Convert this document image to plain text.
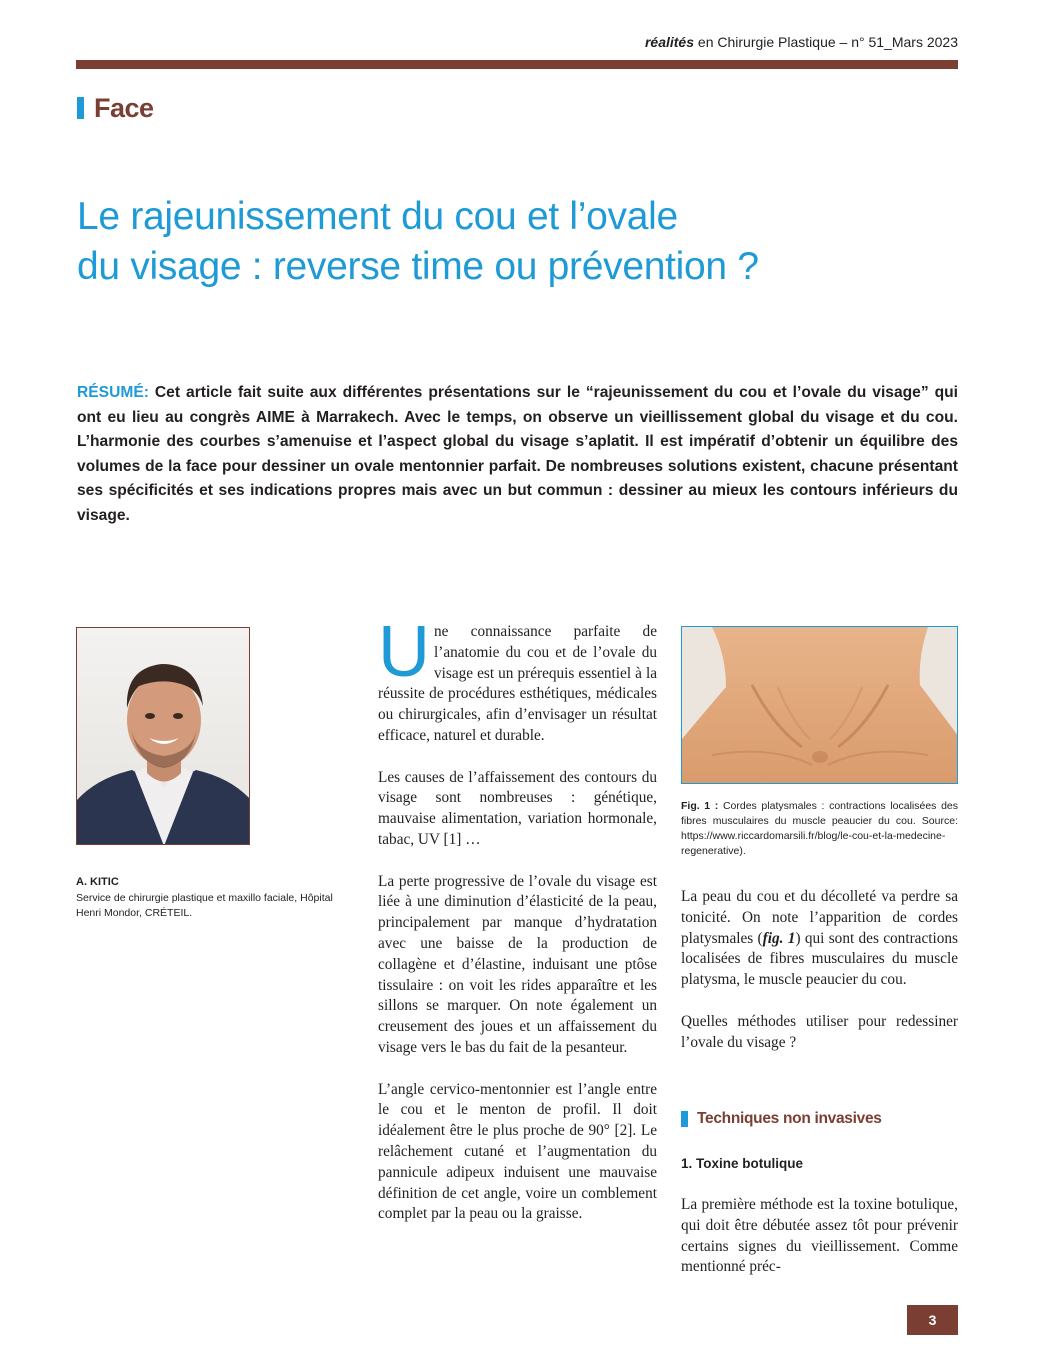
réalités en Chirurgie Plastique – n° 51_Mars 2023
Face
Le rajeunissement du cou et l’ovale
du visage : reverse time ou prévention ?
RÉSUMÉ: Cet article fait suite aux différentes présentations sur le “rajeunissement du cou et l’ovale du visage” qui ont eu lieu au congrès AIME à Marrakech. Avec le temps, on observe un vieillissement global du visage et du cou. L’harmonie des courbes s’amenuise et l’aspect global du visage s’aplatit. Il est impératif d’obtenir un équilibre des volumes de la face pour dessiner un ovale mentonnier parfait. De nombreuses solutions existent, chacune présentant ses spécificités et ses indications propres mais avec un but commun : dessiner au mieux les contours inférieurs du visage.
A. KITIC
Service de chirurgie plastique et maxillo faciale, Hôpital Henri Mondor, CRÉTEIL.

Une connaissance parfaite de l’anatomie du cou et de l’ovale du visage est un prérequis essentiel à la réussite de procédures esthétiques, médicales ou chirurgicales, afin d’envisager un résultat efficace, naturel et durable.

Les causes de l’affaissement des contours du visage sont nombreuses : génétique, mauvaise alimentation, variation hormonale, tabac, UV [1] …

La perte progressive de l’ovale du visage est liée à une diminution d’élasticité de la peau, principalement par manque d’hydratation avec une baisse de la production de collagène et d’élastine, induisant une ptôse tissulaire : on voit les rides apparaître et les sillons se marquer. On note également un creusement des joues et un affaissement du visage vers le bas du fait de la pesanteur.

L’angle cervico-mentonnier est l’angle entre le cou et le menton de profil. Il doit idéalement être le plus proche de 90° [2]. Le relâchement cutané et l’augmentation du pannicule adipeux induisent une mauvaise définition de cet angle, voire un comblement complet par la peau ou la graisse.

Fig. 1 : Cordes platysmales : contractions localisées des fibres musculaires du muscle peaucier du cou. Source: https://www.riccardomarsili.fr/blog/le-cou-et-la-medecine-regenerative).

La peau du cou et du décolleté va perdre sa tonicité. On note l’apparition de cordes platysmales (fig. 1) qui sont des contractions localisées de fibres musculaires du muscle platysma, le muscle peaucier du cou.

Quelles méthodes utiliser pour redessiner l’ovale du visage ?

Techniques non invasives
1. Toxine botulique
La première méthode est la toxine botulique, qui doit être débutée assez tôt pour prévenir certains signes du vieillissement. Comme mentionné préc-
3
